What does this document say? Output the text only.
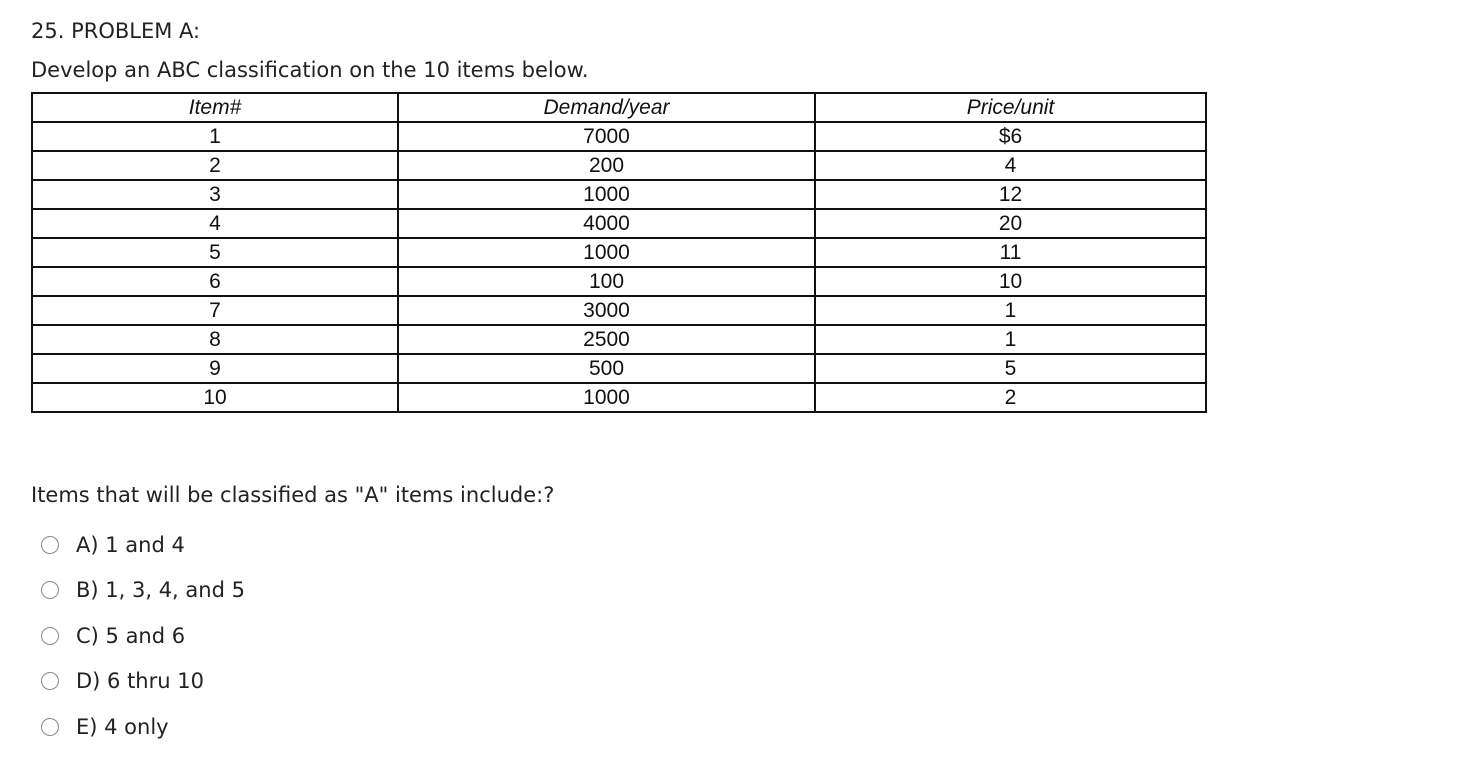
25. PROBLEM A:
Develop an ABC classification on the 10 items below.
Item#	Demand/year	Price/unit
1	7000	$6
2	200	4
3	1000	12
4	4000	20
5	1000	11
6	100	10
7	3000	1
8	2500	1
9	500	5
10	1000	2
Items that will be classified as "A" items include:?
A) 1 and 4
B) 1, 3, 4, and 5
C) 5 and 6
D) 6 thru 10
E) 4 only
